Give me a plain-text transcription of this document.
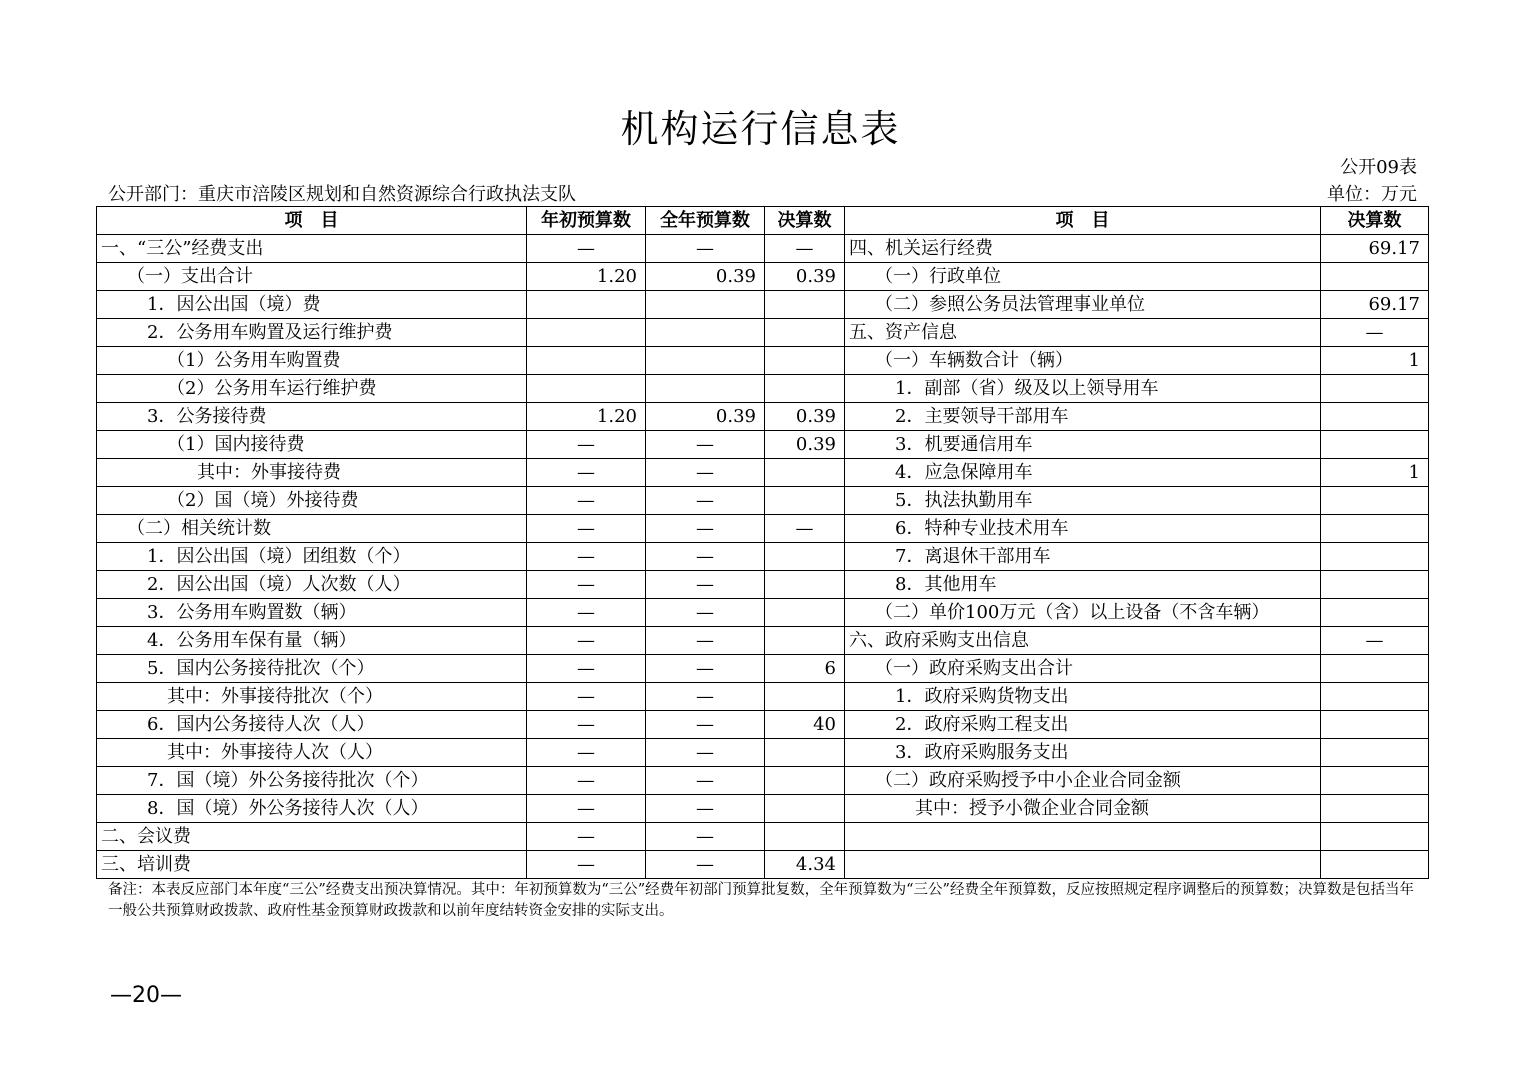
机构运行信息表
公开09表
公开部门：重庆市涪陵区规划和自然资源综合行政执法支队	单位：万元
项　目	年初预算数	全年预算数	决算数	项　目	决算数
一、“三公”经费支出	—	—	—	四、机关运行经费	69.17
（一）支出合计	1.20	0.39	0.39	（一）行政单位	
1．因公出国（境）费				（二）参照公务员法管理事业单位	69.17
2．公务用车购置及运行维护费				五、资产信息	—
（1）公务用车购置费				（一）车辆数合计（辆）	1
（2）公务用车运行维护费				1．副部（省）级及以上领导用车	
3．公务接待费	1.20	0.39	0.39	2．主要领导干部用车	
（1）国内接待费	—	—	0.39	3．机要通信用车	
其中：外事接待费	—	—		4．应急保障用车	1
（2）国（境）外接待费	—	—		5．执法执勤用车	
（二）相关统计数	—	—	—	6．特种专业技术用车	
1．因公出国（境）团组数（个）	—	—		7．离退休干部用车	
2．因公出国（境）人次数（人）	—	—		8．其他用车	
3．公务用车购置数（辆）	—	—		（二）单价100万元（含）以上设备（不含车辆）	
4．公务用车保有量（辆）	—	—		六、政府采购支出信息	—
5．国内公务接待批次（个）	—	—	6	（一）政府采购支出合计	
其中：外事接待批次（个）	—	—		1．政府采购货物支出	
6．国内公务接待人次（人）	—	—	40	2．政府采购工程支出	
其中：外事接待人次（人）	—	—		3．政府采购服务支出	
7．国（境）外公务接待批次（个）	—	—		（二）政府采购授予中小企业合同金额	
8．国（境）外公务接待人次（人）	—	—		其中：授予小微企业合同金额	
二、会议费	—	—			
三、培训费	—	—	4.34		
备注：本表反应部门本年度“三公”经费支出预决算情况。其中：年初预算数为“三公”经费年初部门预算批复数，全年预算数为“三公”经费全年预算数，反应按照规定程序调整后的预算数；决算数是包括当年一般公共预算财政拨款、政府性基金预算财政拨款和以前年度结转资金安排的实际支出。
—20—
